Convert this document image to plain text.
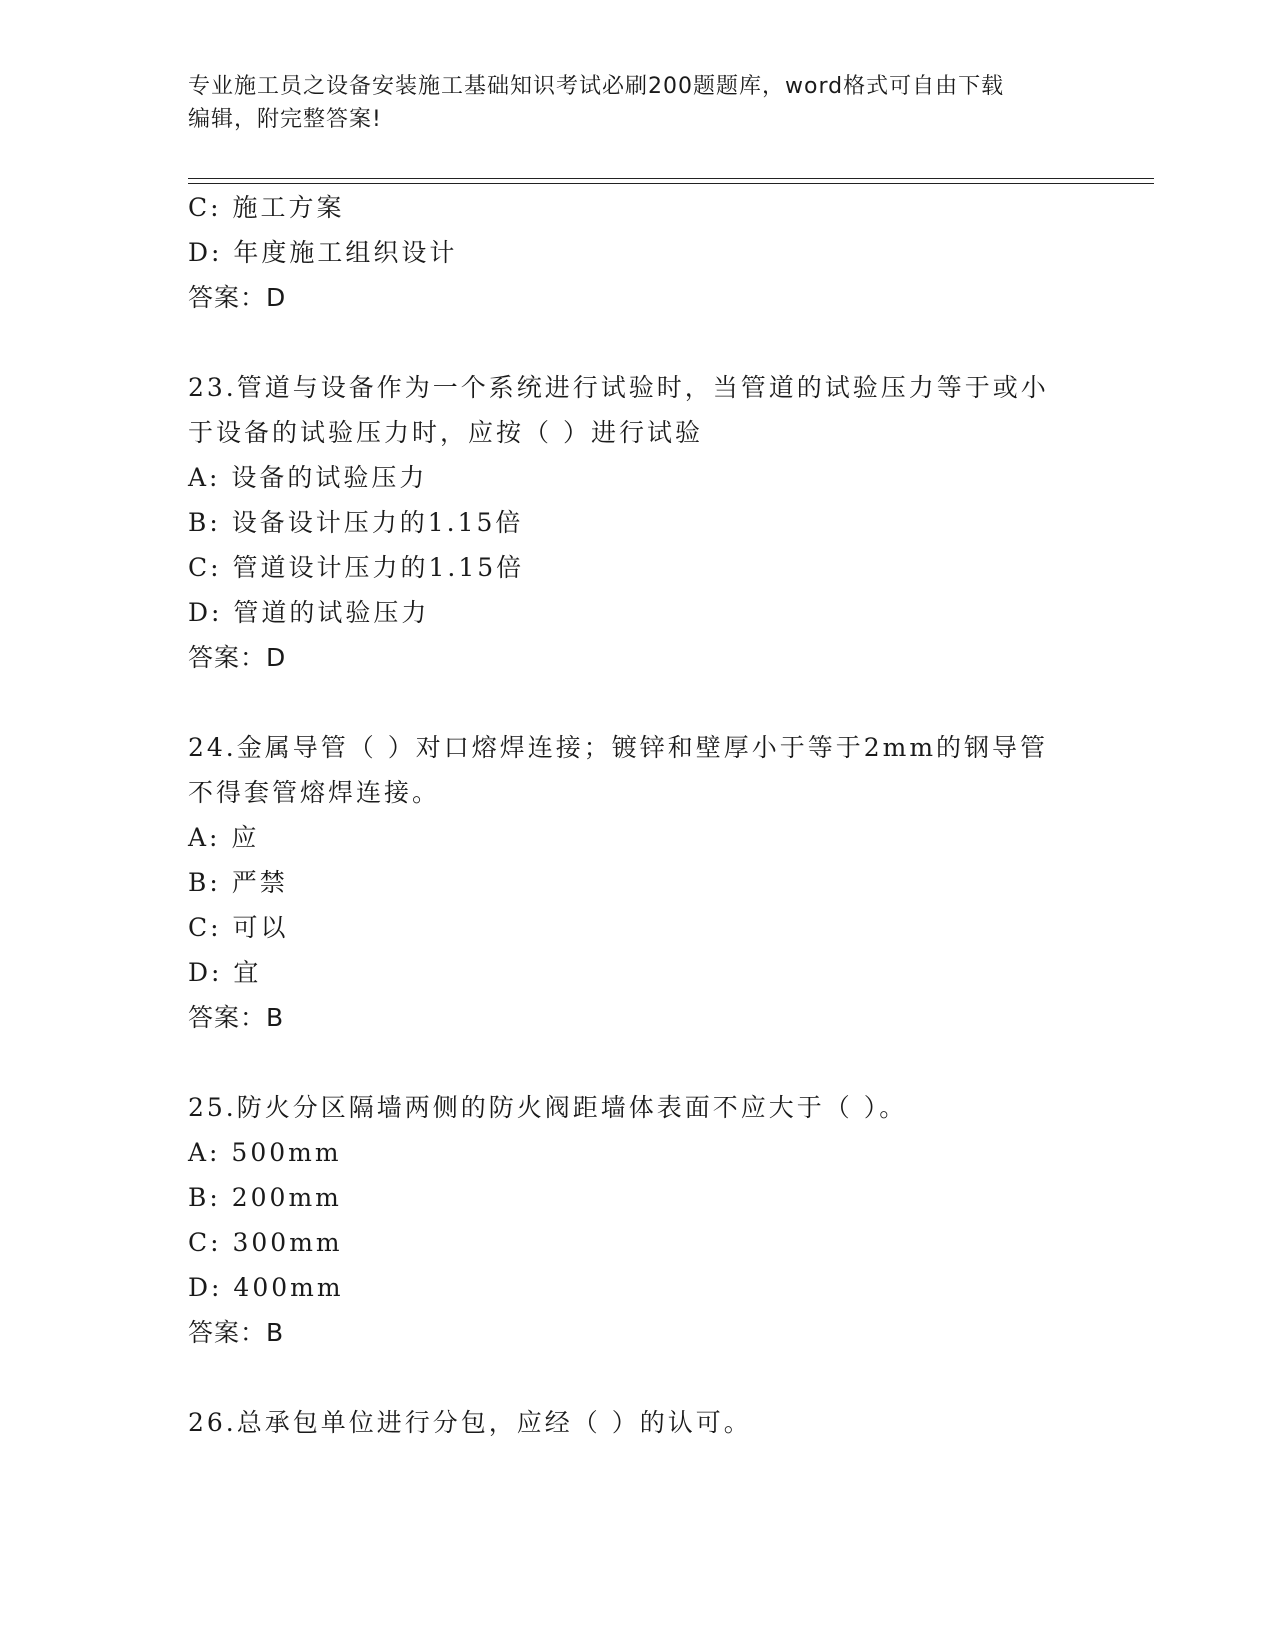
专业施工员之设备安装施工基础知识考试必刷200题题库，word格式可自由下载
编辑，附完整答案!
C: 施工方案
D: 年度施工组织设计
答案：D
23.管道与设备作为一个系统进行试验时，当管道的试验压力等于或小
于设备的试验压力时，应按（ ）进行试验
A: 设备的试验压力
B: 设备设计压力的1.15倍
C: 管道设计压力的1.15倍
D: 管道的试验压力
答案：D
24.金属导管（ ）对口熔焊连接；镀锌和壁厚小于等于2mm的钢导管
不得套管熔焊连接。
A: 应
B: 严禁
C: 可以
D: 宜
答案：B
25.防火分区隔墙两侧的防火阀距墙体表面不应大于（ ）。
A: 500mm
B: 200mm
C: 300mm
D: 400mm
答案：B
26.总承包单位进行分包，应经（ ）的认可。
